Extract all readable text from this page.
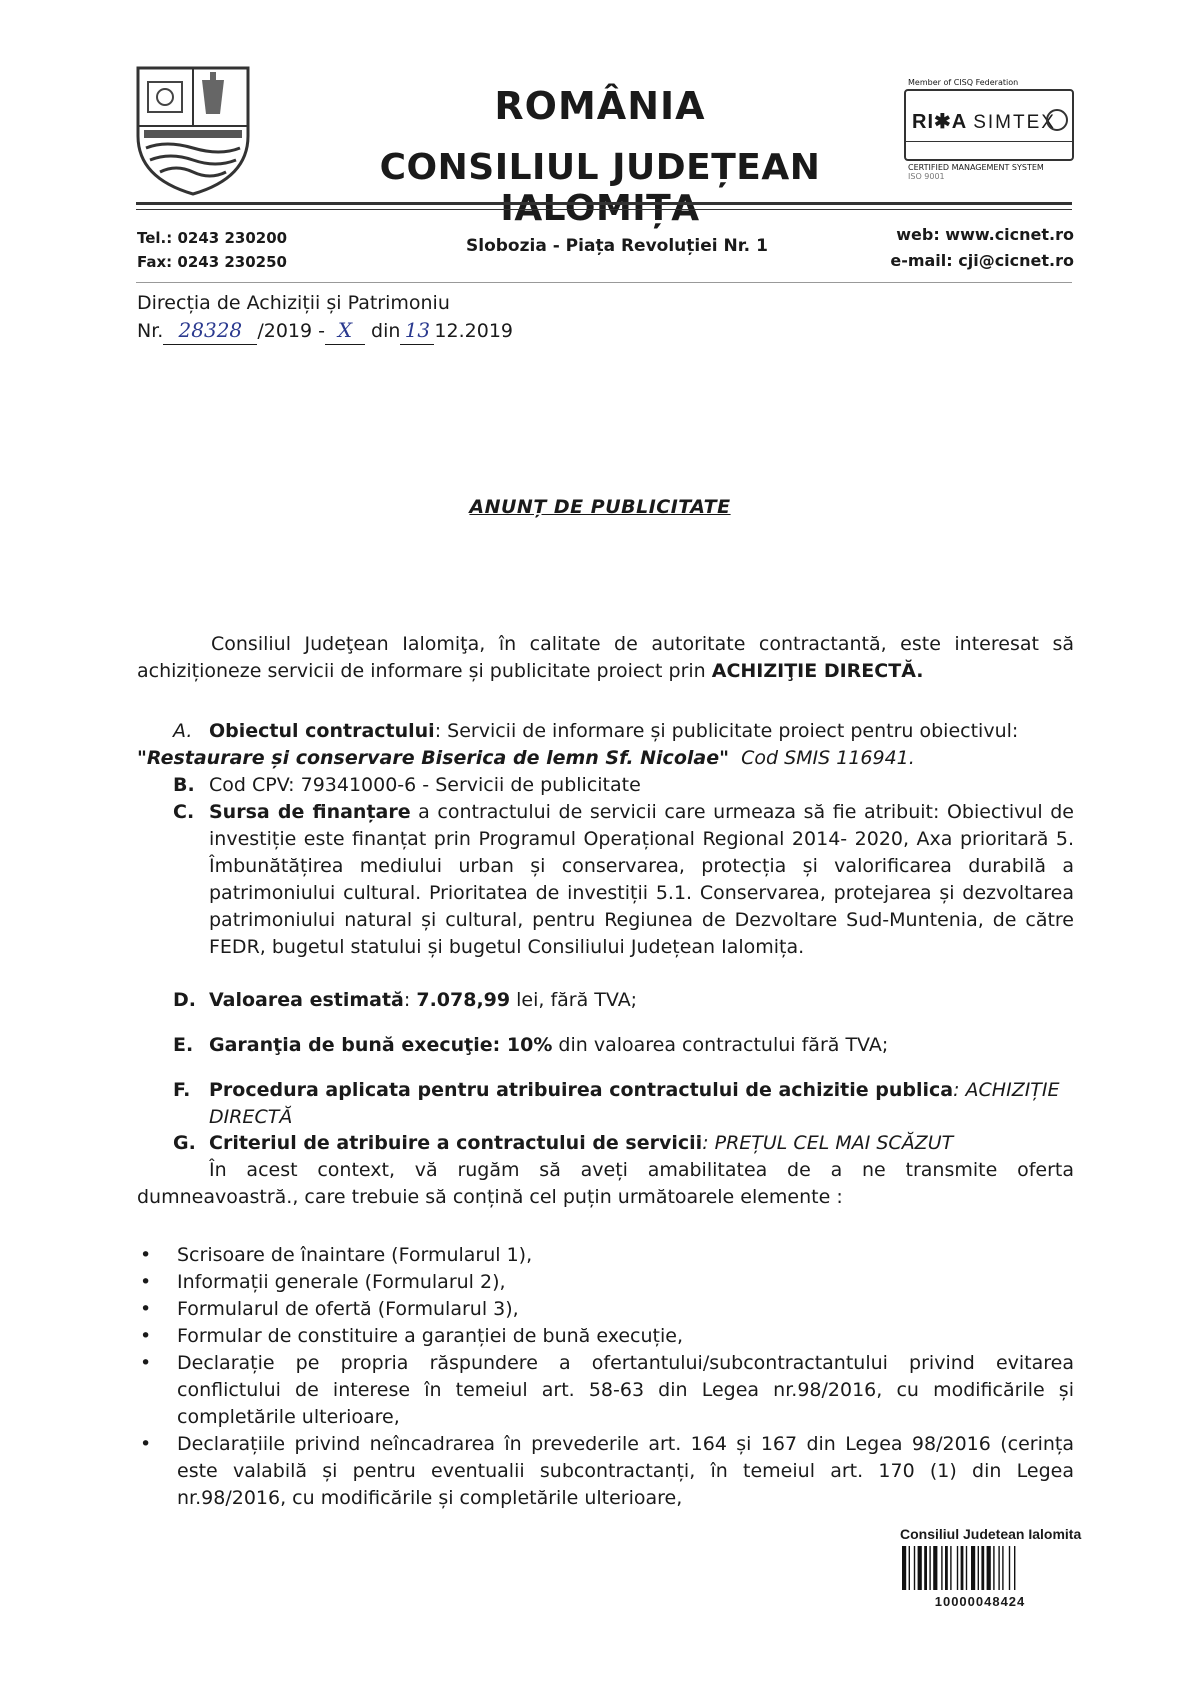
ROMÂNIA
CONSILIUL JUDEȚEAN IALOMIȚA
Member of CISQ Federation
RI✱A SIMTEX
CERTIFIED MANAGEMENT SYSTEM
ISO 9001
Tel.: 0243 230200
Fax: 0243 230250
Slobozia - Piața Revoluției Nr. 1
web: www.cicnet.ro
e-mail: cji@cicnet.ro
Direcția de Achiziții și Patrimoniu
Nr. 28328 /2019 - X din 13 12.2019
ANUNȚ DE PUBLICITATE
Consiliul Judeţean Ialomiţa, în calitate de autoritate contractantă, este interesat să achiziționeze servicii de informare și publicitate proiect prin ACHIZIŢIE DIRECTĂ.
A. Obiectul contractului: Servicii de informare și publicitate proiect pentru obiectivul:
"Restaurare și conservare Biserica de lemn Sf. Nicolae" Cod SMIS 116941.
B. Cod CPV: 79341000-6 - Servicii de publicitate
C. Sursa de finanțare a contractului de servicii care urmeaza să fie atribuit: Obiectivul de investiție este finanțat prin Programul Operațional Regional 2014- 2020, Axa prioritară 5. Îmbunătățirea mediului urban și conservarea, protecția și valorificarea durabilă a patrimoniului cultural. Prioritatea de investiții 5.1. Conservarea, protejarea și dezvoltarea patrimoniului natural și cultural, pentru Regiunea de Dezvoltare Sud-Muntenia, de către FEDR, bugetul statului și bugetul Consiliului Județean Ialomița.
D. Valoarea estimată: 7.078,99 lei, fără TVA;
E. Garanţia de bună execuţie: 10% din valoarea contractului fără TVA;
F. Procedura aplicata pentru atribuirea contractului de achizitie publica: ACHIZIȚIE DIRECTĂ
G. Criteriul de atribuire a contractului de servicii: PREȚUL CEL MAI SCĂZUT
În acest context, vă rugăm să aveți amabilitatea de a ne transmite oferta dumneavoastră., care trebuie să conțină cel puțin următoarele elemente :
• Scrisoare de înaintare (Formularul 1),
• Informații generale (Formularul 2),
• Formularul de ofertă (Formularul 3),
• Formular de constituire a garanției de bună execuție,
• Declarație pe propria răspundere a ofertantului/subcontractantului privind evitarea conflictului de interese în temeiul art. 58-63 din Legea nr.98/2016, cu modificările și completările ulterioare,
• Declarațiile privind neîncadrarea în prevederile art. 164 și 167 din Legea 98/2016 (cerința este valabilă și pentru eventualii subcontractanți, în temeiul art. 170 (1) din Legea nr.98/2016, cu modificările și completările ulterioare,
Consiliul Judetean Ialomita
10000048424
